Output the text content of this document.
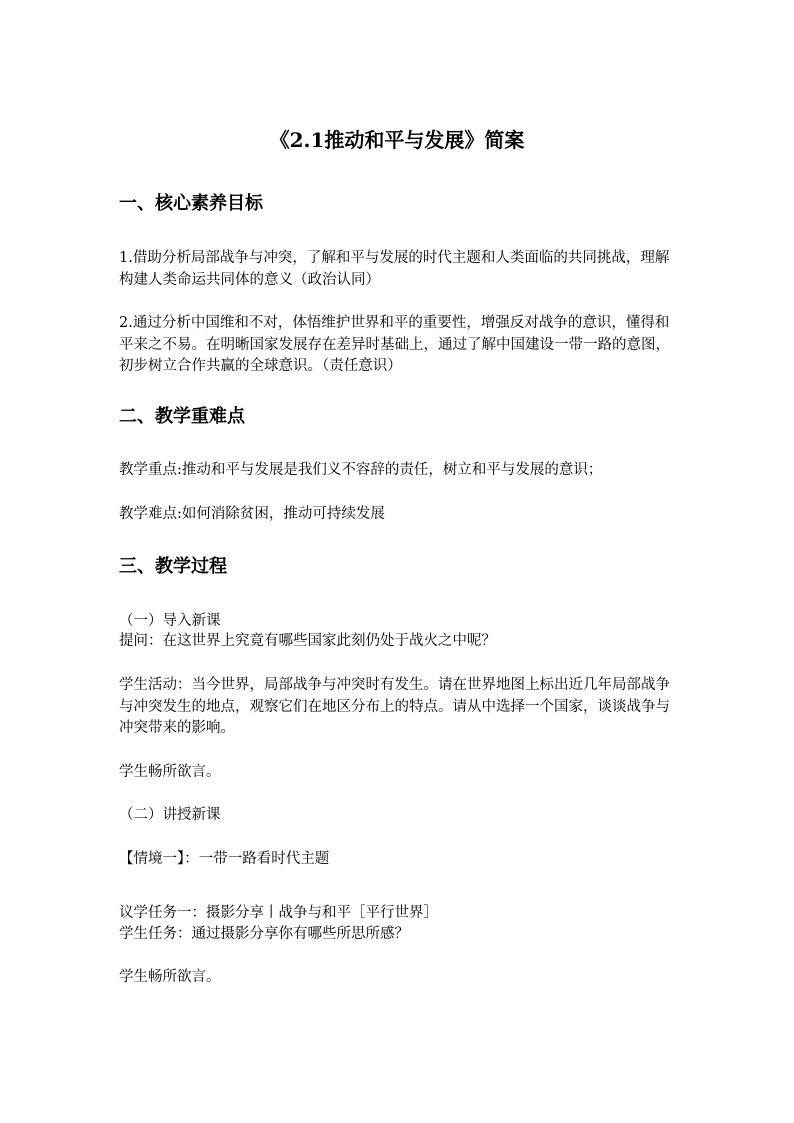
《2.1推动和平与发展》简案
一、核心素养目标
1.借助分析局部战争与冲突，了解和平与发展的时代主题和人类面临的共同挑战，理解构建人类命运共同体的意义（政治认同）
2.通过分析中国维和不对，体悟维护世界和平的重要性，增强反对战争的意识，懂得和平来之不易。在明晰国家发展存在差异时基础上，通过了解中国建设一带一路的意图，初步树立合作共赢的全球意识。（责任意识）
二、教学重难点
教学重点:推动和平与发展是我们义不容辞的责任，树立和平与发展的意识；
教学难点:如何消除贫困，推动可持续发展
三、教学过程
（一）导入新课
提问：在这世界上究竟有哪些国家此刻仍处于战火之中呢？
学生活动：当今世界，局部战争与冲突时有发生。请在世界地图上标出近几年局部战争与冲突发生的地点，观察它们在地区分布上的特点。请从中选择一个国家，谈谈战争与冲突带来的影响。
学生畅所欲言。
（二）讲授新课
【情境一】：一带一路看时代主题
议学任务一：摄影分享丨战争与和平［平行世界］
学生任务：通过摄影分享你有哪些所思所感？
学生畅所欲言。
